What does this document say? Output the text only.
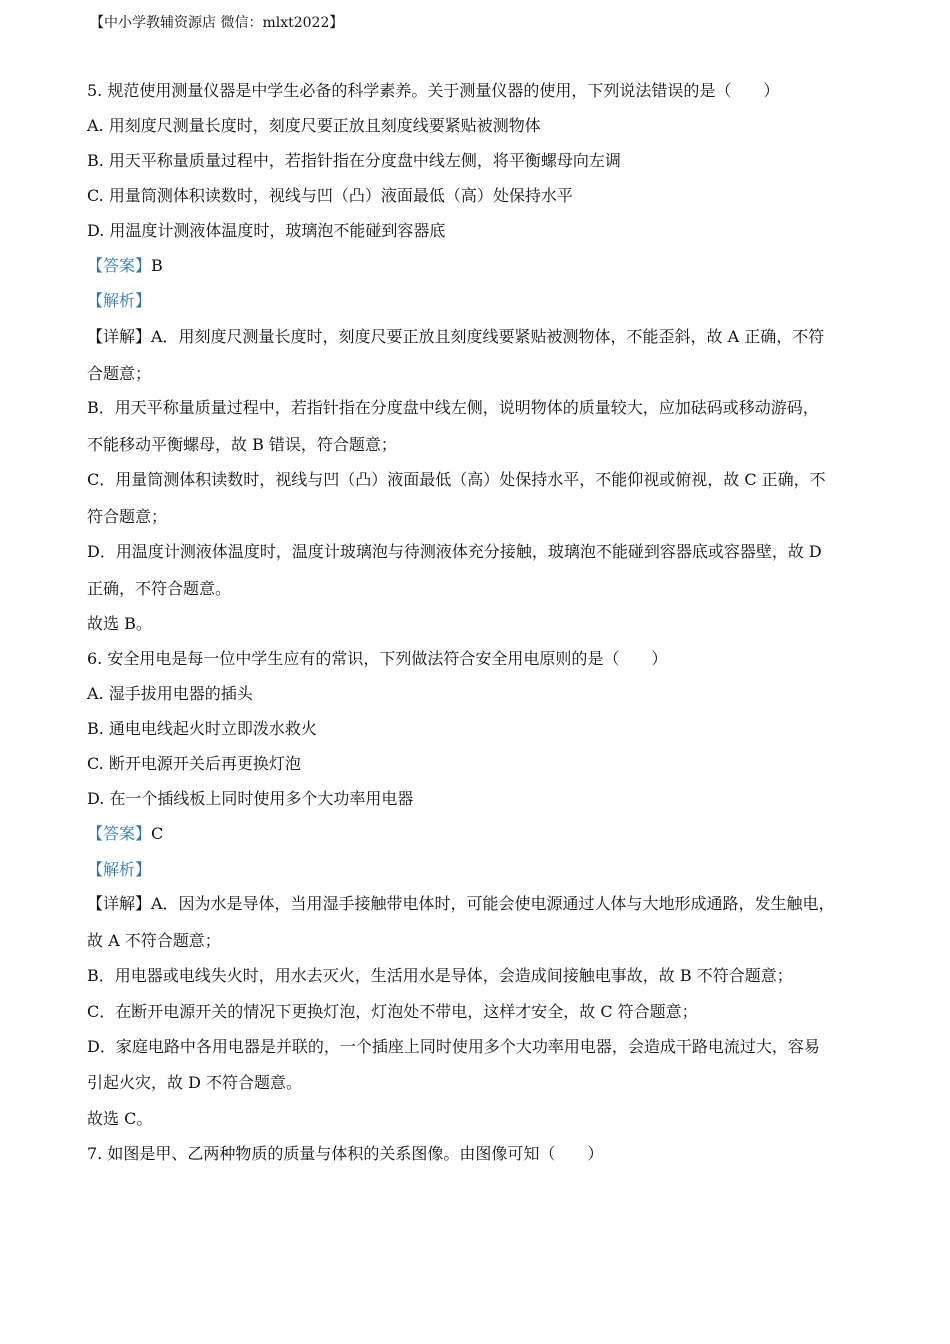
【中小学教辅资源店 微信：mlxt2022】
5. 规范使用测量仪器是中学生必备的科学素养。关于测量仪器的使用，下列说法错误的是（　　）
A. 用刻度尺测量长度时，刻度尺要正放且刻度线要紧贴被测物体
B. 用天平称量质量过程中，若指针指在分度盘中线左侧，将平衡螺母向左调
C. 用量筒测体积读数时，视线与凹（凸）液面最低（高）处保持水平
D. 用温度计测液体温度时，玻璃泡不能碰到容器底
【答案】B
【解析】
【详解】A．用刻度尺测量长度时，刻度尺要正放且刻度线要紧贴被测物体，不能歪斜，故 A 正确，不符
合题意；
B．用天平称量质量过程中，若指针指在分度盘中线左侧，说明物体的质量较大，应加砝码或移动游码，
不能移动平衡螺母，故 B 错误，符合题意；
C．用量筒测体积读数时，视线与凹（凸）液面最低（高）处保持水平，不能仰视或俯视，故 C 正确，不
符合题意；
D．用温度计测液体温度时，温度计玻璃泡与待测液体充分接触，玻璃泡不能碰到容器底或容器壁，故 D
正确，不符合题意。
故选 B。
6. 安全用电是每一位中学生应有的常识，下列做法符合安全用电原则的是（　　）
A. 湿手拔用电器的插头
B. 通电电线起火时立即泼水救火
C. 断开电源开关后再更换灯泡
D. 在一个插线板上同时使用多个大功率用电器
【答案】C
【解析】
【详解】A．因为水是导体，当用湿手接触带电体时，可能会使电源通过人体与大地形成通路，发生触电，
故 A 不符合题意；
B．用电器或电线失火时，用水去灭火，生活用水是导体，会造成间接触电事故，故 B 不符合题意；
C．在断开电源开关的情况下更换灯泡，灯泡处不带电，这样才安全，故 C 符合题意；
D．家庭电路中各用电器是并联的，一个插座上同时使用多个大功率用电器，会造成干路电流过大，容易
引起火灾，故 D 不符合题意。
故选 C。
7. 如图是甲、乙两种物质的质量与体积的关系图像。由图像可知（　　）
